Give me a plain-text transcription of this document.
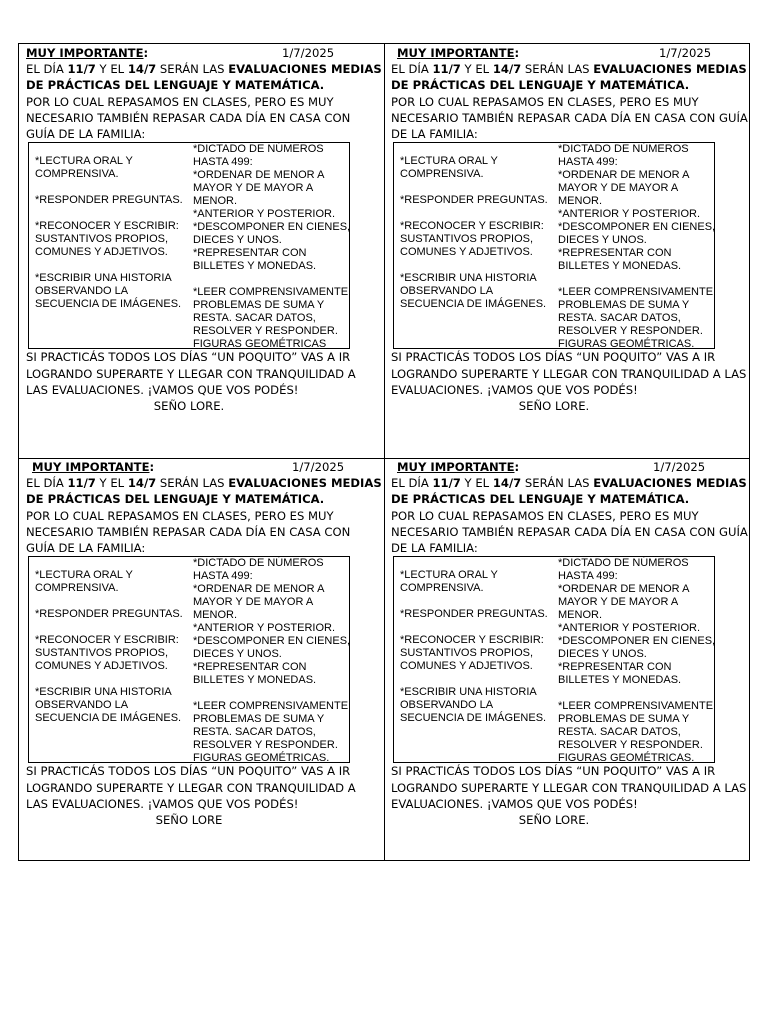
MUY IMPORTANTE:	1/7/2025
EL DÍA 11/7 Y EL 14/7 SERÁN LAS EVALUACIONES MEDIAS
DE PRÁCTICAS DEL LENGUAJE Y MATEMÁTICA.
POR LO CUAL REPASAMOS EN CLASES, PERO ES MUY
NECESARIO TAMBIÉN REPASAR CADA DÍA EN CASA CON
GUÍA DE LA FAMILIA:
*LECTURA ORAL Y
COMPRENSIVA.
*RESPONDER PREGUNTAS.
*RECONOCER Y ESCRIBIR:
SUSTANTIVOS PROPIOS,
COMUNES Y ADJETIVOS.
*ESCRIBIR UNA HISTORIA
OBSERVANDO LA
SECUENCIA DE IMÁGENES.
*DICTADO DE NÚMEROS
HASTA 499:
*ORDENAR DE MENOR A
MAYOR Y DE MAYOR A
MENOR.
*ANTERIOR Y POSTERIOR.
*DESCOMPONER EN CIENES,
DIECES Y UNOS.
*REPRESENTAR CON
BILLETES Y MONEDAS.
*LEER COMPRENSIVAMENTE
PROBLEMAS DE SUMA Y
RESTA. SACAR DATOS,
RESOLVER Y RESPONDER.
FIGURAS GEOMÉTRICAS
SI PRACTICÁS TODOS LOS DÍAS “UN POQUITO” VAS A IR
LOGRANDO SUPERARTE Y LLEGAR CON TRANQUILIDAD A
LAS EVALUACIONES. ¡VAMOS QUE VOS PODÉS!
SEÑO LORE.
MUY IMPORTANTE:	1/7/2025
EL DÍA 11/7 Y EL 14/7 SERÁN LAS EVALUACIONES MEDIAS
DE PRÁCTICAS DEL LENGUAJE Y MATEMÁTICA.
POR LO CUAL REPASAMOS EN CLASES, PERO ES MUY
NECESARIO TAMBIÉN REPASAR CADA DÍA EN CASA CON GUÍA
DE LA FAMILIA:
*LECTURA ORAL Y
COMPRENSIVA.
*RESPONDER PREGUNTAS.
*RECONOCER Y ESCRIBIR:
SUSTANTIVOS PROPIOS,
COMUNES Y ADJETIVOS.
*ESCRIBIR UNA HISTORIA
OBSERVANDO LA
SECUENCIA DE IMÁGENES.
*DICTADO DE NÚMEROS
HASTA 499:
*ORDENAR DE MENOR A
MAYOR Y DE MAYOR A
MENOR.
*ANTERIOR Y POSTERIOR.
*DESCOMPONER EN CIENES,
DIECES Y UNOS.
*REPRESENTAR CON
BILLETES Y MONEDAS.
*LEER COMPRENSIVAMENTE
PROBLEMAS DE SUMA Y
RESTA. SACAR DATOS,
RESOLVER Y RESPONDER.
FIGURAS GEOMÉTRICAS.
SI PRACTICÁS TODOS LOS DÍAS “UN POQUITO” VAS A IR
LOGRANDO SUPERARTE Y LLEGAR CON TRANQUILIDAD A LAS
EVALUACIONES. ¡VAMOS QUE VOS PODÉS!
SEÑO LORE.
MUY IMPORTANTE:	1/7/2025
EL DÍA 11/7 Y EL 14/7 SERÁN LAS EVALUACIONES MEDIAS
DE PRÁCTICAS DEL LENGUAJE Y MATEMÁTICA.
POR LO CUAL REPASAMOS EN CLASES, PERO ES MUY
NECESARIO TAMBIÉN REPASAR CADA DÍA EN CASA CON
GUÍA DE LA FAMILIA:
*LECTURA ORAL Y
COMPRENSIVA.
*RESPONDER PREGUNTAS.
*RECONOCER Y ESCRIBIR:
SUSTANTIVOS PROPIOS,
COMUNES Y ADJETIVOS.
*ESCRIBIR UNA HISTORIA
OBSERVANDO LA
SECUENCIA DE IMÁGENES.
*DICTADO DE NÚMEROS
HASTA 499:
*ORDENAR DE MENOR A
MAYOR Y DE MAYOR A
MENOR.
*ANTERIOR Y POSTERIOR.
*DESCOMPONER EN CIENES,
DIECES Y UNOS.
*REPRESENTAR CON
BILLETES Y MONEDAS.
*LEER COMPRENSIVAMENTE
PROBLEMAS DE SUMA Y
RESTA. SACAR DATOS,
RESOLVER Y RESPONDER.
FIGURAS GEOMÉTRICAS.
SI PRACTICÁS TODOS LOS DÍAS “UN POQUITO” VAS A IR
LOGRANDO SUPERARTE Y LLEGAR CON TRANQUILIDAD A
LAS EVALUACIONES. ¡VAMOS QUE VOS PODÉS!
SEÑO LORE
MUY IMPORTANTE:	1/7/2025
EL DÍA 11/7 Y EL 14/7 SERÁN LAS EVALUACIONES MEDIAS
DE PRÁCTICAS DEL LENGUAJE Y MATEMÁTICA.
POR LO CUAL REPASAMOS EN CLASES, PERO ES MUY
NECESARIO TAMBIÉN REPASAR CADA DÍA EN CASA CON GUÍA
DE LA FAMILIA:
*LECTURA ORAL Y
COMPRENSIVA.
*RESPONDER PREGUNTAS.
*RECONOCER Y ESCRIBIR:
SUSTANTIVOS PROPIOS,
COMUNES Y ADJETIVOS.
*ESCRIBIR UNA HISTORIA
OBSERVANDO LA
SECUENCIA DE IMÁGENES.
*DICTADO DE NÚMEROS
HASTA 499:
*ORDENAR DE MENOR A
MAYOR Y DE MAYOR A
MENOR.
*ANTERIOR Y POSTERIOR.
*DESCOMPONER EN CIENES,
DIECES Y UNOS.
*REPRESENTAR CON
BILLETES Y MONEDAS.
*LEER COMPRENSIVAMENTE
PROBLEMAS DE SUMA Y
RESTA. SACAR DATOS,
RESOLVER Y RESPONDER.
FIGURAS GEOMÉTRICAS.
SI PRACTICÁS TODOS LOS DÍAS “UN POQUITO” VAS A IR
LOGRANDO SUPERARTE Y LLEGAR CON TRANQUILIDAD A LAS
EVALUACIONES. ¡VAMOS QUE VOS PODÉS!
SEÑO LORE.
